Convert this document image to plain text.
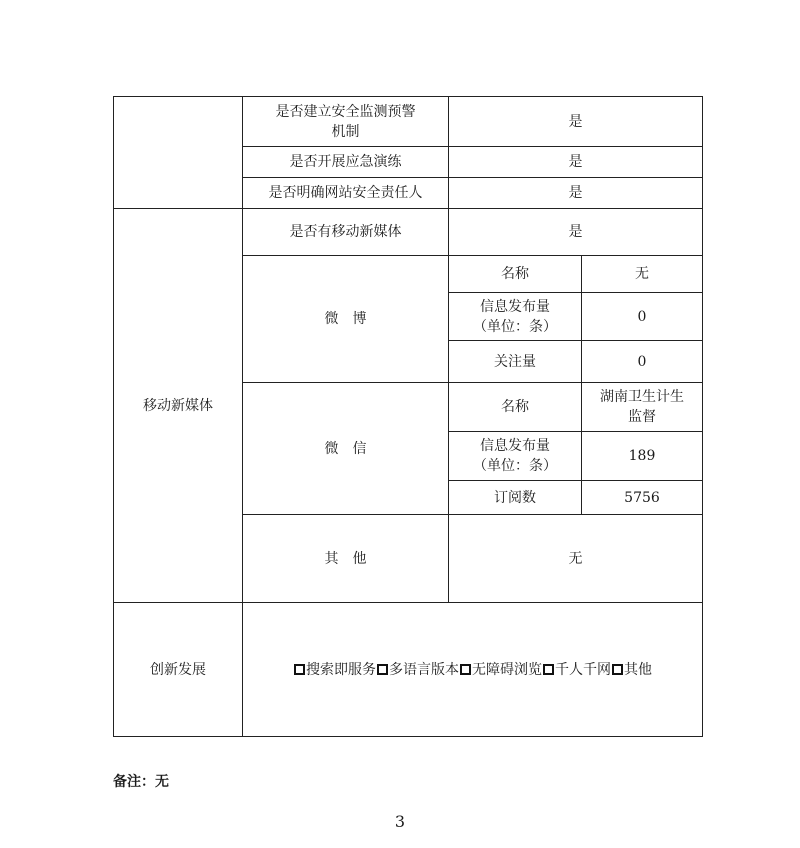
	是否建立安全监测预警
机制	是	
	是否开展应急演练	是	
	是否明确网站安全责任人	是	
移动新媒体	是否有移动新媒体	是	
	微　博	名称	无
		信息发布量
（单位：条）	0
		关注量	0
	微　信	名称	湖南卫生计生
监督
		信息发布量
（单位：条）	189
		订阅数	5756
	其　他	无	
创新发展	搜索即服务 多语言版本 无障碍浏览 千人千网 其他		
备注：无
3
